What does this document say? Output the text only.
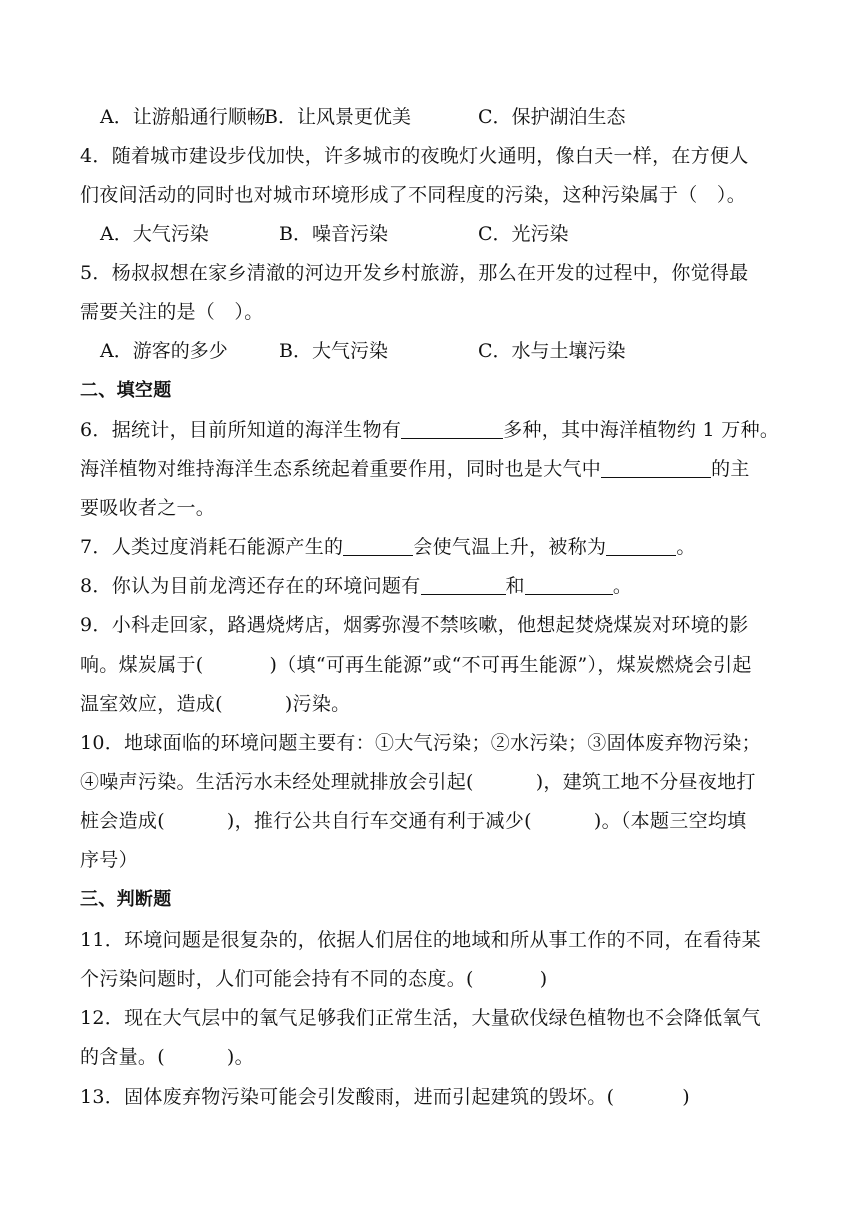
A．让游船通行顺畅
B．让风景更优美	C．保护湖泊生态
4．随着城市建设步伐加快，许多城市的夜晚灯火通明，像白天一样，在方便人
们夜间活动的同时也对城市环境形成了不同程度的污染，这种污染属于（　）。
A．大气污染	B．噪音污染	C．光污染
5．杨叔叔想在家乡清澈的河边开发乡村旅游，那么在开发的过程中，你觉得最
需要关注的是（　）。
A．游客的多少	B．大气污染	C．水与土壤污染
二、填空题
6．据统计，目前所知道的海洋生物有	多种，其中海洋植物约 1 万种。
海洋植物对维持海洋生态系统起着重要作用，同时也是大气中	的主
要吸收者之一。
7．人类过度消耗石能源产生的	会使气温上升，被称为	。
8．你认为目前龙湾还存在的环境问题有	和	。
9．小科走回家，路遇烧烤店，烟雾弥漫不禁咳嗽，他想起焚烧煤炭对环境的影
响。煤炭属于(	)（填“可再生能源”或“不可再生能源”），煤炭燃烧会引起
温室效应，造成(	)污染。
10．地球面临的环境问题主要有：①大气污染；②水污染；③固体废弃物污染；
④噪声污染。生活污水未经处理就排放会引起(	)，建筑工地不分昼夜地打
桩会造成(	)，推行公共自行车交通有利于减少(	)。（本题三空均填
序号）
三、判断题
11．环境问题是很复杂的，依据人们居住的地域和所从事工作的不同，在看待某
个污染问题时，人们可能会持有不同的态度。(	)
12．现在大气层中的氧气足够我们正常生活，大量砍伐绿色植物也不会降低氧气
的含量。(	)。
13．固体废弃物污染可能会引发酸雨，进而引起建筑的毁坏。(	)
